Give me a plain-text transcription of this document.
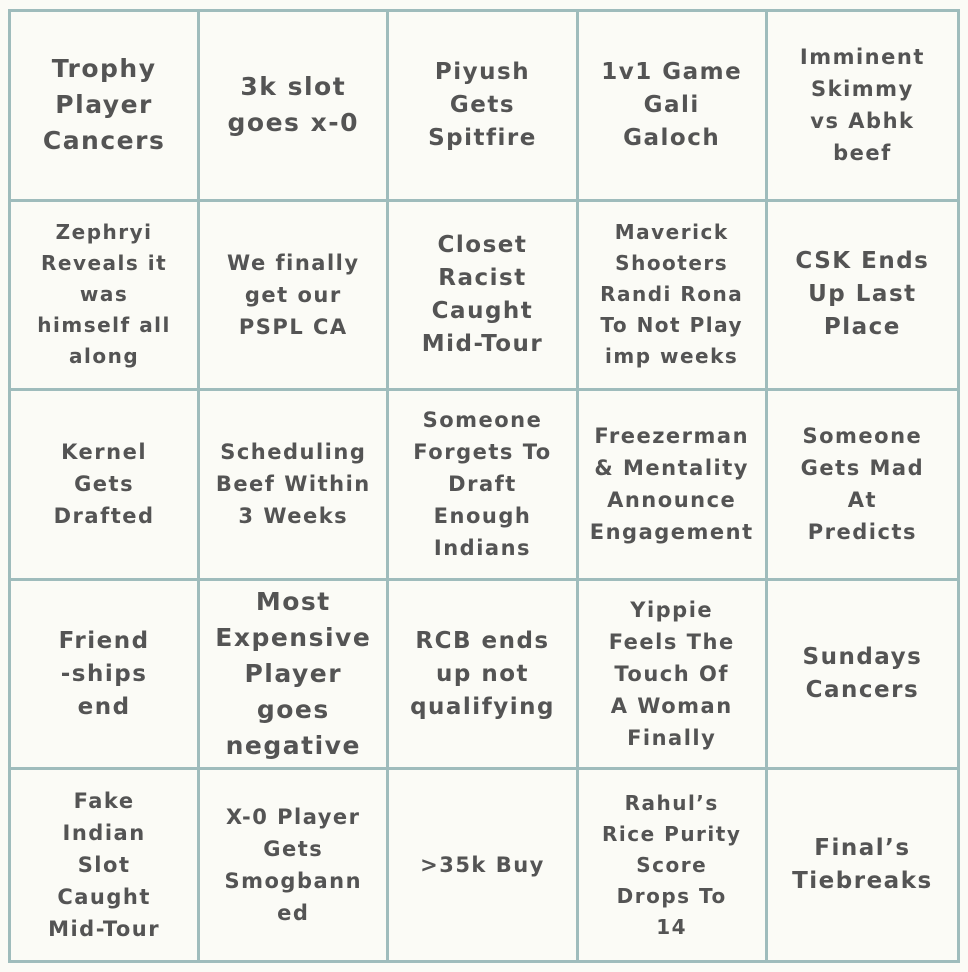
Trophy
Player
Cancers
3k slot
goes x-0
Piyush
Gets
Spitfire
1v1 Game
Gali
Galoch
Imminent
Skimmy
vs Abhk
beef
Zephryi
Reveals it
was
himself all
along
We finally
get our
PSPL CA
Closet
Racist
Caught
Mid-Tour
Maverick
Shooters
Randi Rona
To Not Play
imp weeks
CSK Ends
Up Last
Place
Kernel
Gets
Drafted
Scheduling
Beef Within
3 Weeks
Someone
Forgets To
Draft
Enough
Indians
Freezerman
& Mentality
Announce
Engagement
Someone
Gets Mad
At
Predicts
Friend
-ships
end
Most
Expensive
Player
goes
negative
RCB ends
up not
qualifying
Yippie
Feels The
Touch Of
A Woman
Finally
Sundays
Cancers
Fake
Indian
Slot
Caught
Mid-Tour
X-0 Player
Gets
Smogbann
ed
>35k Buy
Rahul’s
Rice Purity
Score
Drops To
14
Final’s
Tiebreaks
